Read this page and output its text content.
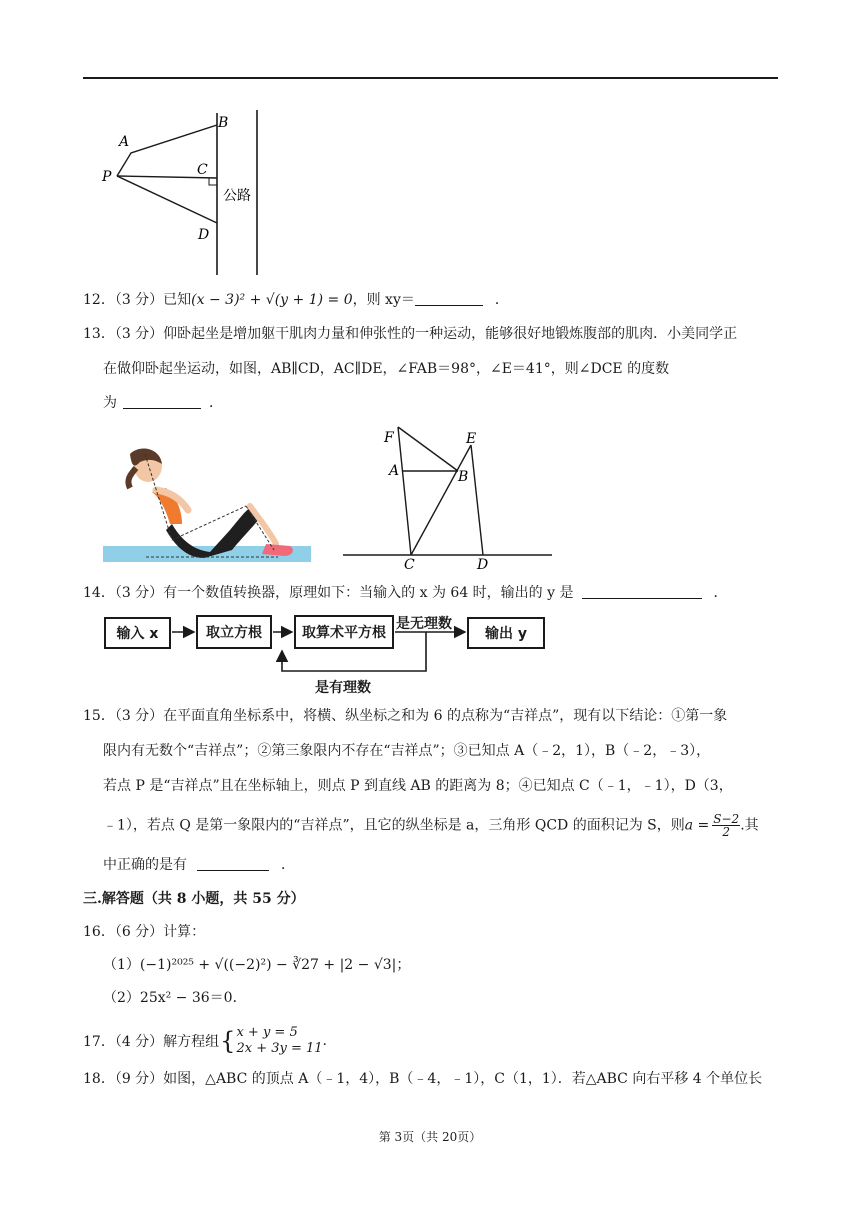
B
A
C
P
D
公路
12．（3 分）已知(x − 3)² + √(y + 1) = 0，则 xy＝	．
13．（3 分）仰卧起坐是增加躯干肌肉力量和伸张性的一种运动，能够很好地锻炼腹部的肌肉．小美同学正
在做仰卧起坐运动，如图，AB∥CD，AC∥DE，∠FAB＝98°，∠E＝41°，则∠DCE 的度数
为	．
F	E
A	B
C	D
14．（3 分）有一个数值转换器，原理如下：当输入的 x 为 64 时，输出的 y 是	．
输入 x	取立方根	取算术平方根	输出 y
是无理数
是有理数
15．（3 分）在平面直角坐标系中，将横、纵坐标之和为 6 的点称为“吉祥点”，现有以下结论：①第一象
限内有无数个“吉祥点”；②第三象限内不存在“吉祥点”；③已知点 A（﹣2，1），B（﹣2，﹣3），
若点 P 是“吉祥点”且在坐标轴上，则点 P 到直线 AB 的距离为 8；④已知点 C（﹣1，﹣1），D（3，
﹣1），若点 Q 是第一象限内的“吉祥点”，且它的纵坐标是 a，三角形 QCD 的面积记为 S，则$a = \frac{S-2}{2}$ .其
中正确的是有	．
三.解答题（共 8 小题，共 55 分）
16．（6 分）计算：
（1）(−1)²⁰²⁵ + √((−2)²) − ∛27 + |2 − √3|；
（2）25x² − 36＝0．
17．（4 分）解方程组{ x + y = 5
2x + 3y = 11 .
18．（9 分）如图，△ABC 的顶点 A（﹣1，4），B（﹣4，﹣1），C（1，1）．若△ABC 向右平移 4 个单位长
第 3页（共 20页）
